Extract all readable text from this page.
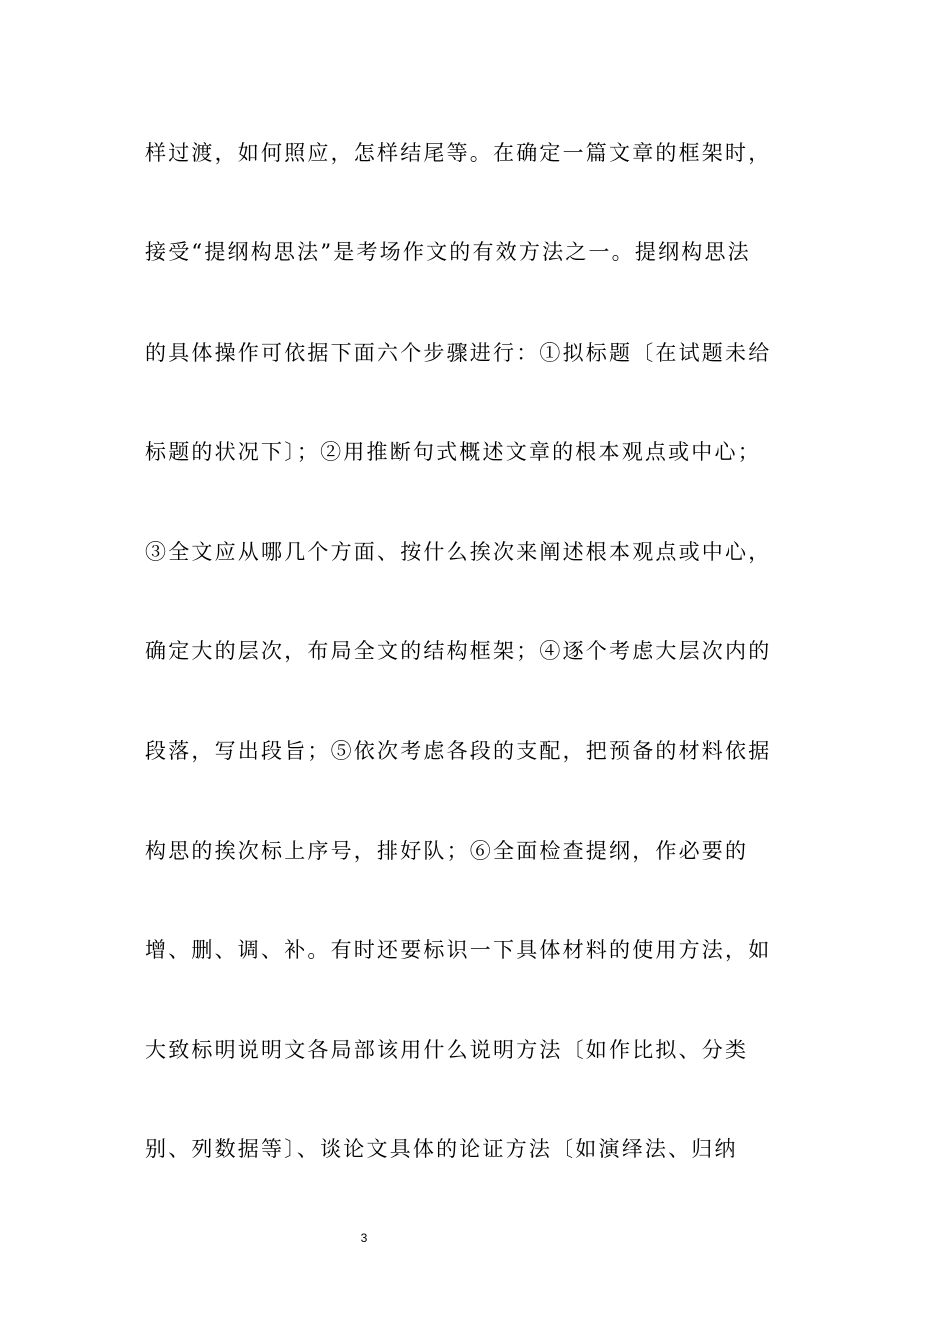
样过渡，如何照应，怎样结尾等。在确定一篇文章的框架时，
接受“提纲构思法”是考场作文的有效方法之一。提纲构思法
的具体操作可依据下面六个步骤进行：①拟标题〔在试题未给
标题的状况下〕；②用推断句式概述文章的根本观点或中心；
③全文应从哪几个方面、按什么挨次来阐述根本观点或中心，
确定大的层次，布局全文的结构框架；④逐个考虑大层次内的
段落，写出段旨；⑤依次考虑各段的支配，把预备的材料依据
构思的挨次标上序号，排好队；⑥全面检查提纲，作必要的
增、删、调、补。有时还要标识一下具体材料的使用方法，如
大致标明说明文各局部该用什么说明方法〔如作比拟、分类
别、列数据等〕、谈论文具体的论证方法〔如演绎法、归纳
3
